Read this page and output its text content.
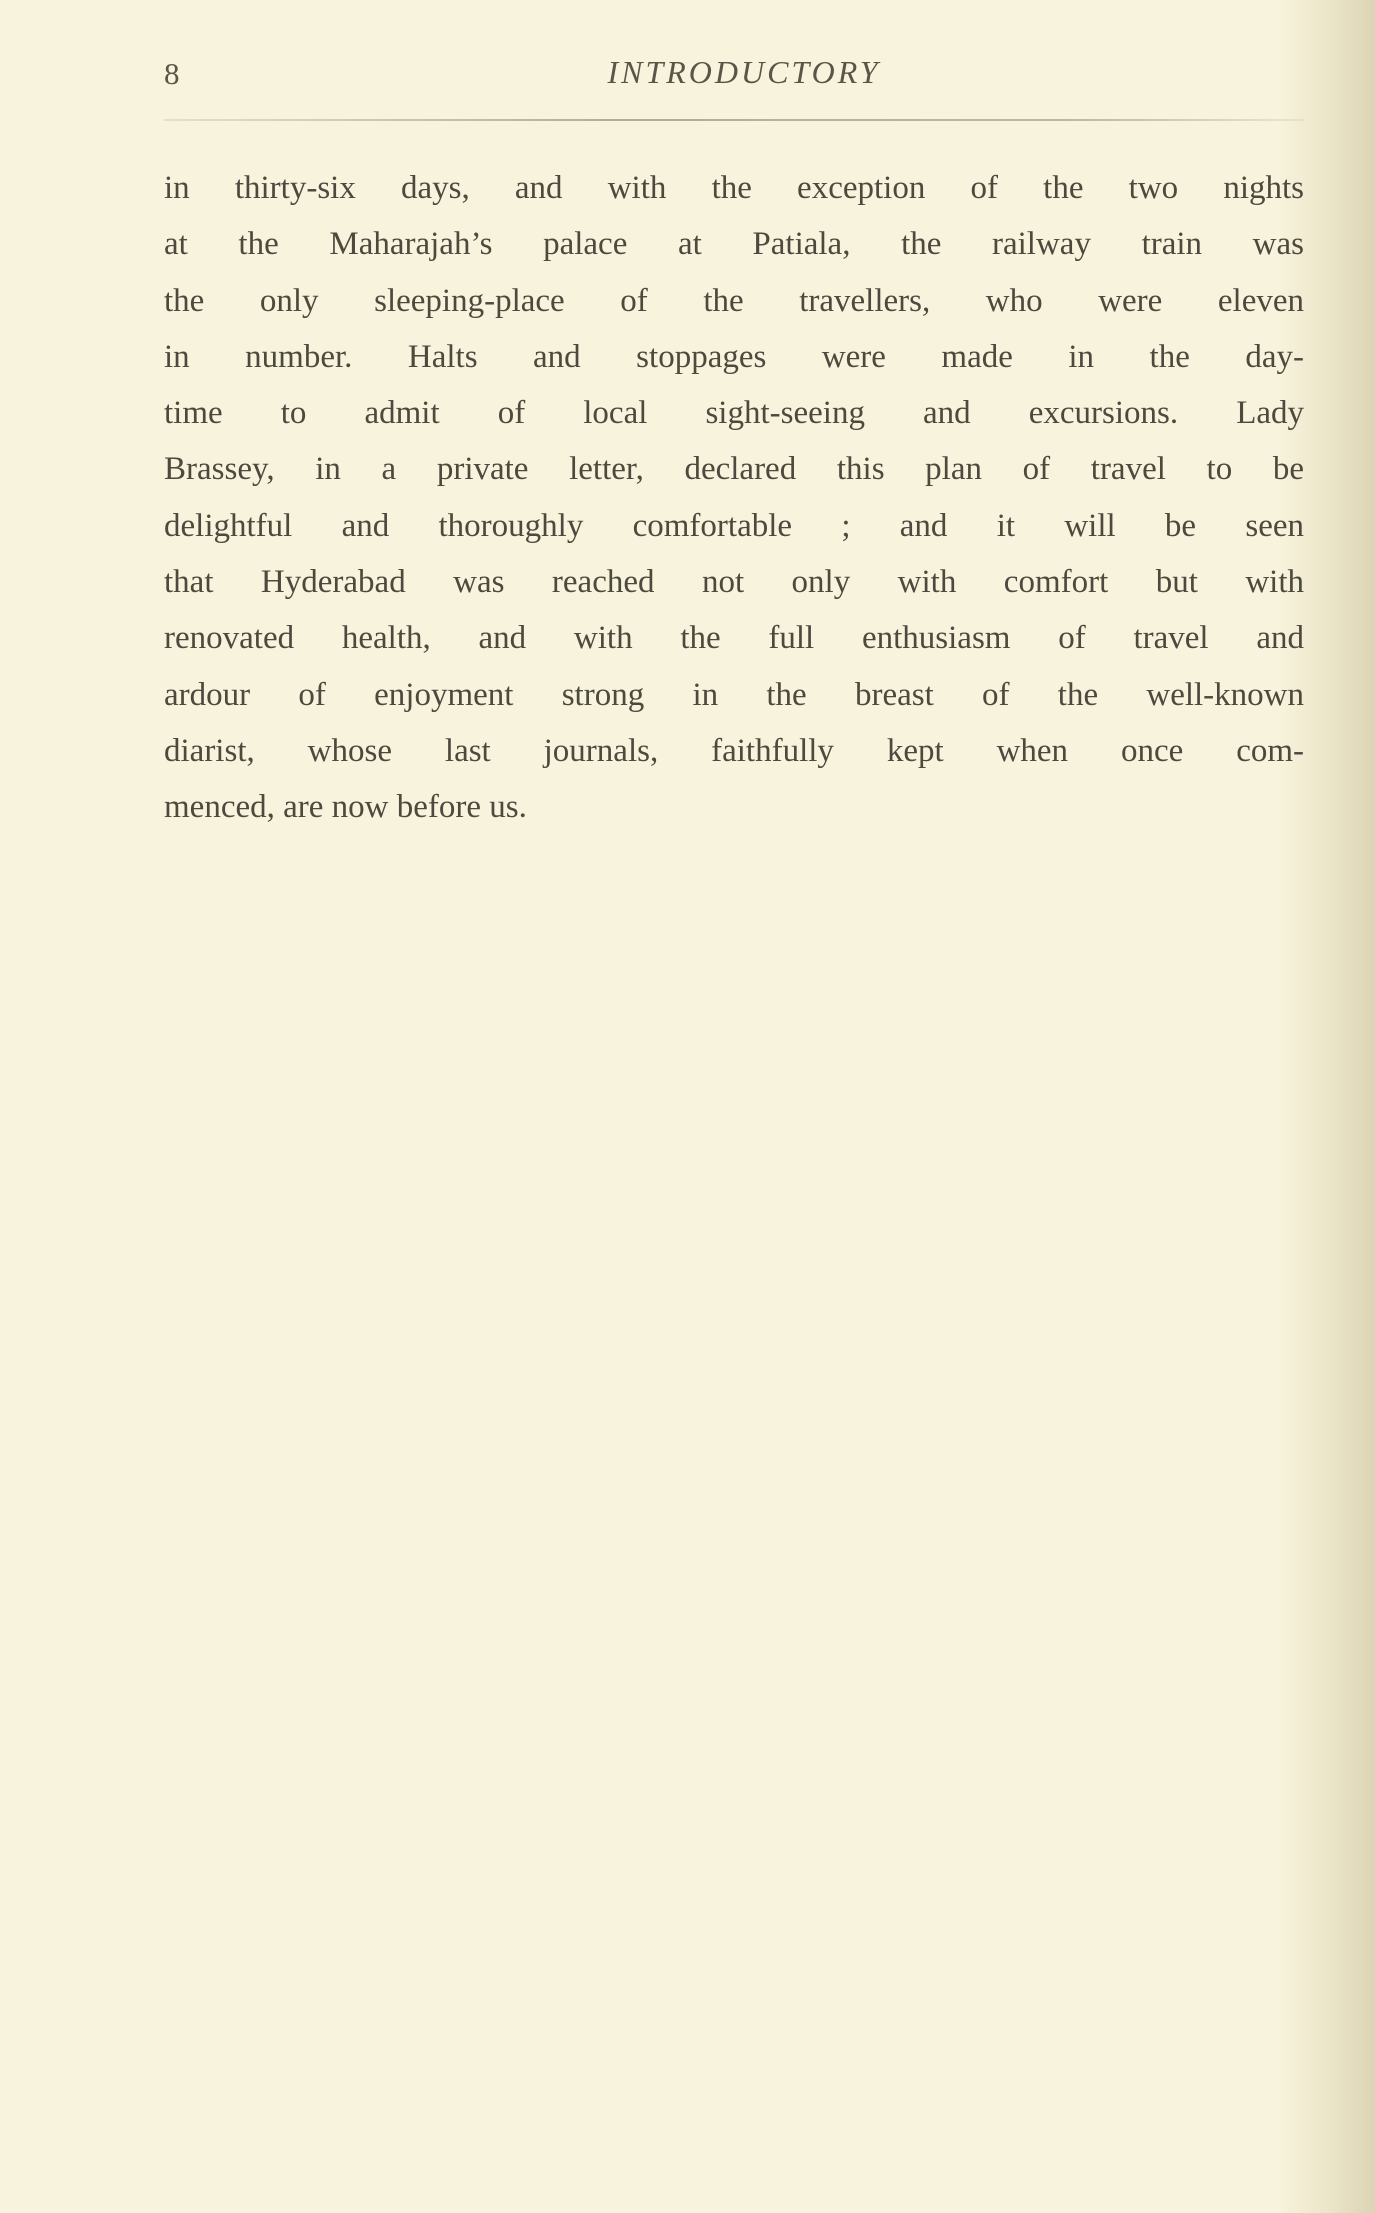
8	INTRODUCTORY
in thirty-six days, and with the exception of the two nights
at the Maharajah’s palace at Patiala, the railway train was
the only sleeping-place of the travellers, who were eleven
in number. Halts and stoppages were made in the day-
time to admit of local sight-seeing and excursions. Lady
Brassey, in a private letter, declared this plan of travel to be
delightful and thoroughly comfortable ; and it will be seen
that Hyderabad was reached not only with comfort but with
renovated health, and with the full enthusiasm of travel and
ardour of enjoyment strong in the breast of the well-known
diarist, whose last journals, faithfully kept when once com-
menced, are now before us.
